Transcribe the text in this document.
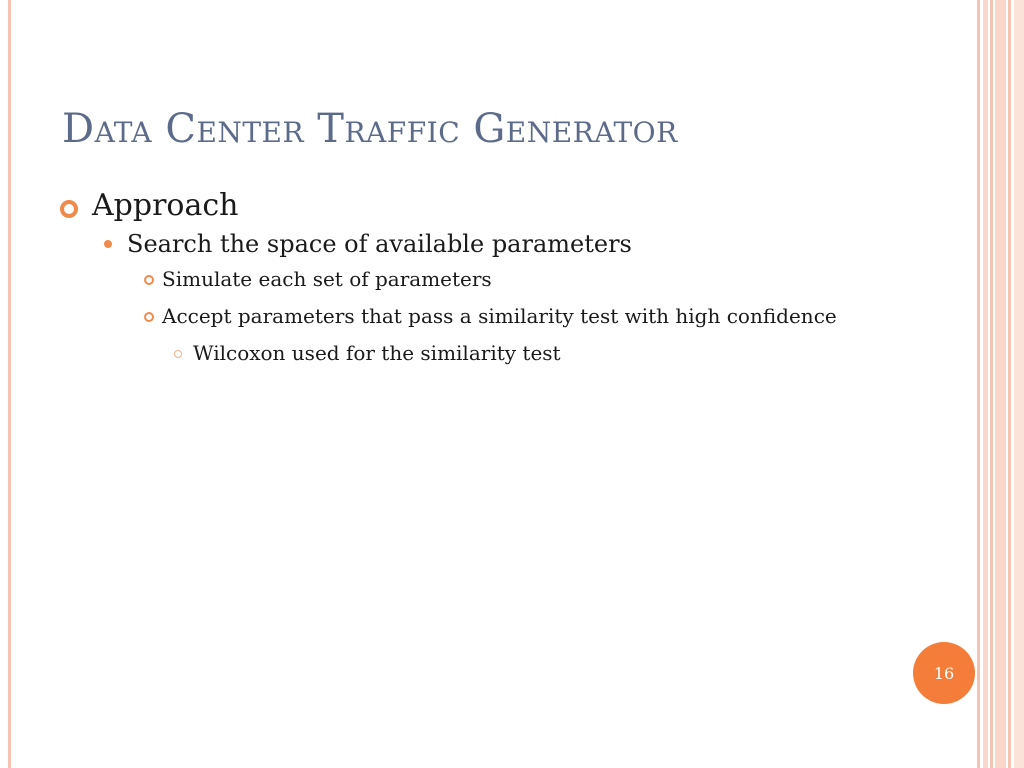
Data Center Traffic Generator
Approach
Search the space of available parameters
Simulate each set of parameters
Accept parameters that pass a similarity test with high confidence
Wilcoxon used for the similarity test
16
